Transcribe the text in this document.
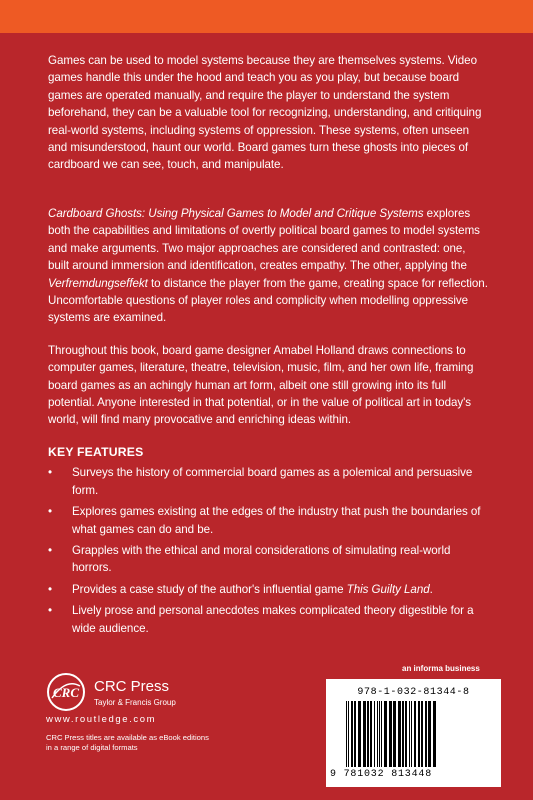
Games can be used to model systems because they are themselves systems. Video games handle this under the hood and teach you as you play, but because board games are operated manually, and require the player to understand the system beforehand, they can be a valuable tool for recognizing, understanding, and critiquing real-world systems, including systems of oppression. These systems, often unseen and misunderstood, haunt our world. Board games turn these ghosts into pieces of cardboard we can see, touch, and manipulate.

Cardboard Ghosts: Using Physical Games to Model and Critique Systems explores both the capabilities and limitations of overtly political board games to model systems and make arguments. Two major approaches are considered and contrasted: one, built around immersion and identification, creates empathy. The other, applying the Verfremdungseffekt to distance the player from the game, creating space for reflection. Uncomfortable questions of player roles and complicity when modelling oppressive systems are examined.

Throughout this book, board game designer Amabel Holland draws connections to computer games, literature, theatre, television, music, film, and her own life, framing board games as an achingly human art form, albeit one still growing into its full potential. Anyone interested in that potential, or in the value of political art in today's world, will find many provocative and enriching ideas within.

KEY FEATURES
• Surveys the history of commercial board games as a polemical and persuasive form.
• Explores games existing at the edges of the industry that push the boundaries of what games can do and be.
• Grapples with the ethical and moral considerations of simulating real-world horrors.
• Provides a case study of the author's influential game This Guilty Land.
• Lively prose and personal anecdotes makes complicated theory digestible for a wide audience.
CRC CRC Press
Taylor & Francis Group
www.routledge.com
CRC Press titles are available as eBook editions in a range of digital formats
an informa business
978-1-032-81344-8
9 781032 813448
